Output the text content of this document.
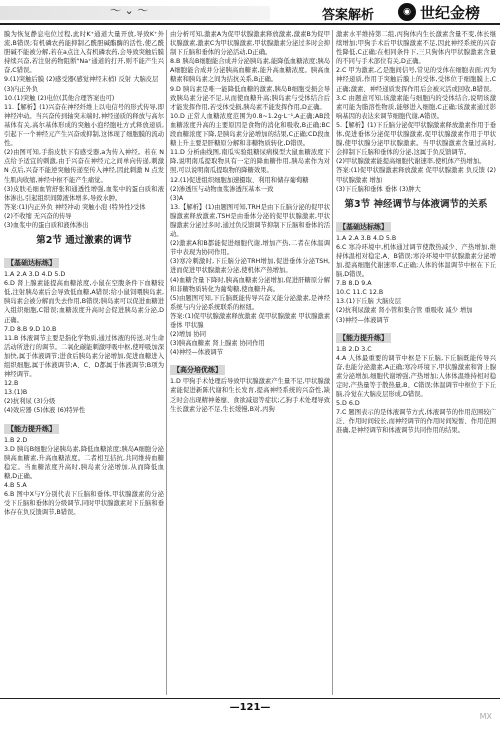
〜 ⌄ 〜	答案解析	◉ 世纪金榜

膜为恢复静息电位过程,此时K⁺通道大量开放,导致K⁺外流,B错误;有机磷农药能抑制乙酰胆碱酯酶的活性,使乙酰胆碱不能被分解,若在a点注入有机磷农药,会导致突触后膜持续兴奋,若注射药物阻断"Na⁺通道的打开,则不能产生兴奋,C错误。

9.(1)突触后膜 (2)感受器(感觉神经末梢) 反射 大脑皮层

(3)内正外负

10.(1)突触 (2)电位(其他合理答案也可)

11.【解析】(1)兴奋在神经纤维上以电信号的形式传导,即神经冲动。当兴奋传到轴突末端时,神经递质的释放与高尔基体有关,高尔基体形成的突触小泡经胞吐方式释放递质,引起下一个神经元产生兴奋或抑制,这体现了细胞膜的流动性。

(2)由图可知,手指皮肤下有感受器,a为传入神经。若在 N 点给予适宜的刺激,由于兴奋在神经元之间单向传递,刺激 N 点后,兴奋不能逆突触传递至传入神经,因此刺激 N 点发生肌肉收缩,神经中枢不能产生痛觉。

(3)皮肤毛细血管舒张和通透性增强,血浆中的蛋白质和液体渗出,引起组织间隙液体增多,导致水肿。

答案:(1)内正外负 神经冲动 突触小泡 (特异性)受体

(2)不收缩 无兴奋的传导

(3)血浆中的蛋白质和液体渗出

第2节 通过激素的调节
【基础达标练】

1.A 2.A 3.D 4.D 5.D

6.D 肾上腺素能提高血糖浓度,小鼠在空腹条件下血糖较低,注射胰岛素后会导致低血糖,A错误;给小鼠饲喂胰岛素,胰岛素会被分解而失去作用,B错误;胰岛素可以促进血糖进入组织细胞,C错误;血糖浓度升高时会促进胰岛素分泌,D正确。

7.D 8.B 9.D 10.B

11.B 体液调节主要是指化学物质,通过体液的传送,对生命活动所进行的调节。二氧化碳能刺激呼吸中枢,使呼吸加深加快,属于体液调节;进食后胰岛素分泌增加,促进血糖进入组织细胞,属于体液调节;A、C、D都属于体液调节;B项为神经调节。

12.B

13.(1)B

(2)抗利尿 (3)分级

(4)效应器 (5)体液 (6)特异性

【能力提升练】

1.B 2.D

3.D 胰岛B细胞分泌胰岛素,降低血糖浓度;胰岛A细胞分泌胰高血糖素,升高血糖浓度。二者相互拮抗,共同维持血糖稳定。当血糖浓度升高时,胰岛素分泌增加,从而降低血糖,D正确。

4.B 5.A

6.B 图中X与Y分别代表下丘脑和垂体,甲状腺激素的分泌受下丘脑和垂体的分级调节,同时甲状腺激素对下丘脑和垂体存在负反馈调节,B错误。

由分析可知,激素A为促甲状腺激素释放激素,激素B为促甲状腺激素,激素C为甲状腺激素,甲状腺激素分泌过多时会抑制下丘脑和垂体的分泌活动,D正确。

8.B 胰岛B细胞能合成并分泌胰岛素,能降低血糖浓度;胰岛A细胞能合成并分泌胰高血糖素,能升高血糖浓度。胰高血糖素和胰岛素之间为拮抗关系,B正确。

9.D 胰岛素是唯一能降低血糖的激素,胰岛B细胞受损会导致胰岛素分泌不足,从而使血糖升高;胰岛素与受体结合后才能发挥作用,若受体受损,胰岛素不能发挥作用,D正确。

10.D 正常人血糖浓度范围为0.8~1.2g·L⁻¹,A正确;AB段血糖浓度升高的主要原因是食物的消化和吸收,B正确;BC段血糖浓度下降,是胰岛素分泌增加的结果,C正确;CD段血糖上升主要是肝糖原分解和非糖物质转化,D错误。

11.D 分析曲线图,南瓜实验组糖尿病模型大鼠血糖浓度下降,说明南瓜提取物具有一定的降血糖作用,胰岛素作为对照,可以说明南瓜提取物的降糖效果。

12.(1)促进组织细胞加速摄取、利用和储存葡萄糖

(2)渗透压与动物血浆渗透压基本一致

(3)A

13.【解析】(1)由题图可知,TRH是由下丘脑分泌的促甲状腺激素释放激素,TSH是由垂体分泌的促甲状腺激素,甲状腺激素分泌过多时,通过负反馈调节抑制下丘脑和垂体的活动。

(2)激素A和B都能促进细胞代谢,增加产热,二者在体温调节中表现为协同作用。

(3)寒冷刺激时,下丘脑分泌TRH增加,促进垂体分泌TSH,进而促进甲状腺激素分泌,使机体产热增加。

(4)血糖含量下降时,胰高血糖素分泌增加,促进肝糖原分解和非糖物质转化为葡萄糖,使血糖升高。

(5)由题图可知,下丘脑既能传导兴奋又能分泌激素,是神经系统与内分泌系统联系的枢纽。

答案:(1)促甲状腺激素释放激素 促甲状腺激素 甲状腺激素 垂体 甲状腺

(2)增加 协同

(3)胰高血糖素 肾上腺素 协同作用

(4)神经—体液调节

【高分培优练】

1.D 甲狗手术处理后导致甲状腺激素产生量不足,甲状腺激素能促进新陈代谢和生长发育,提高神经系统的兴奋性,缺乏时会出现精神萎靡、食欲减退等症状;乙狗手术处理导致生长激素分泌不足,生长缓慢,B对,丙狗

激素水平维持第二组,丙狗体内生长激素含量不变,体长继续增加;甲狗手术后甲状腺激素不足,因此神经系统的兴奋性降低,C正确;在相同条件下,三只狗体内甲状腺激素含量的不同与手术部位有关,D正确。

2.C 甲为激素,乙是胞间信号,常见的受体在细胞表面;丙为神经递质,作用于突触后膜上的受体,受体位于细胞膜上,C正确;激素、神经递质发挥作用后会被灭活或回收,B错误。

3.C 由题意可知,该激素能与细胞内的受体结合,说明该激素可能为脂溶性物质,能够进入细胞,C正确;该激素通过影响基因的表达来调节细胞代谢,A错误。

5.【解析】(1)下丘脑分泌促甲状腺激素释放激素作用于垂体,促进垂体分泌促甲状腺激素,促甲状腺激素作用于甲状腺,使甲状腺分泌甲状腺激素。当甲状腺激素含量过高时,会抑制下丘脑和垂体的分泌,这属于负反馈调节。

(2)甲状腺激素能提高细胞代谢速率,使机体产热增加。

答案:(1)促甲状腺激素释放激素 促甲状腺激素 负反馈 (2)甲状腺激素 增加

(3)下丘脑和垂体 垂体 (3)肿大

第3节 神经调节与体液调节的关系
【基础达标练】

1.A 2.A 3.B 4.D 5.B

6.C 寒冷环境中,机体通过调节使散热减少、产热增加,维持体温相对稳定,A、B错误;寒冷环境中甲状腺激素分泌增加,提高细胞代谢速率,C正确;人体的体温调节中枢在下丘脑,D错误。

7.B 8.D 9.A

10.C 11.C 12.B

13.(1)下丘脑 大脑皮层

(2)抗利尿激素 肾小管和集合管 重吸收 减少 增加

(3)神经—体液调节

【能力提升练】

1.B 2.D 3.C

4.A 人体最重要的调节中枢是下丘脑,下丘脑既能传导兴奋,也能分泌激素,A正确;寒冷环境下,甲状腺激素和肾上腺素分泌增加,细胞代谢增强,产热增加;人体体温维持相对稳定时,产热量等于散热量,B、C错误;体温调节中枢位于下丘脑,冷觉在大脑皮层形成,D错误。

5.D 6.D

7.C 题图表示的是体液调节方式,体液调节的作用范围较广泛、作用时间较长,而神经调节的作用时间短暂、作用范围准确,是神经调节和体液调节共同作用的结果。

—121—
MX
